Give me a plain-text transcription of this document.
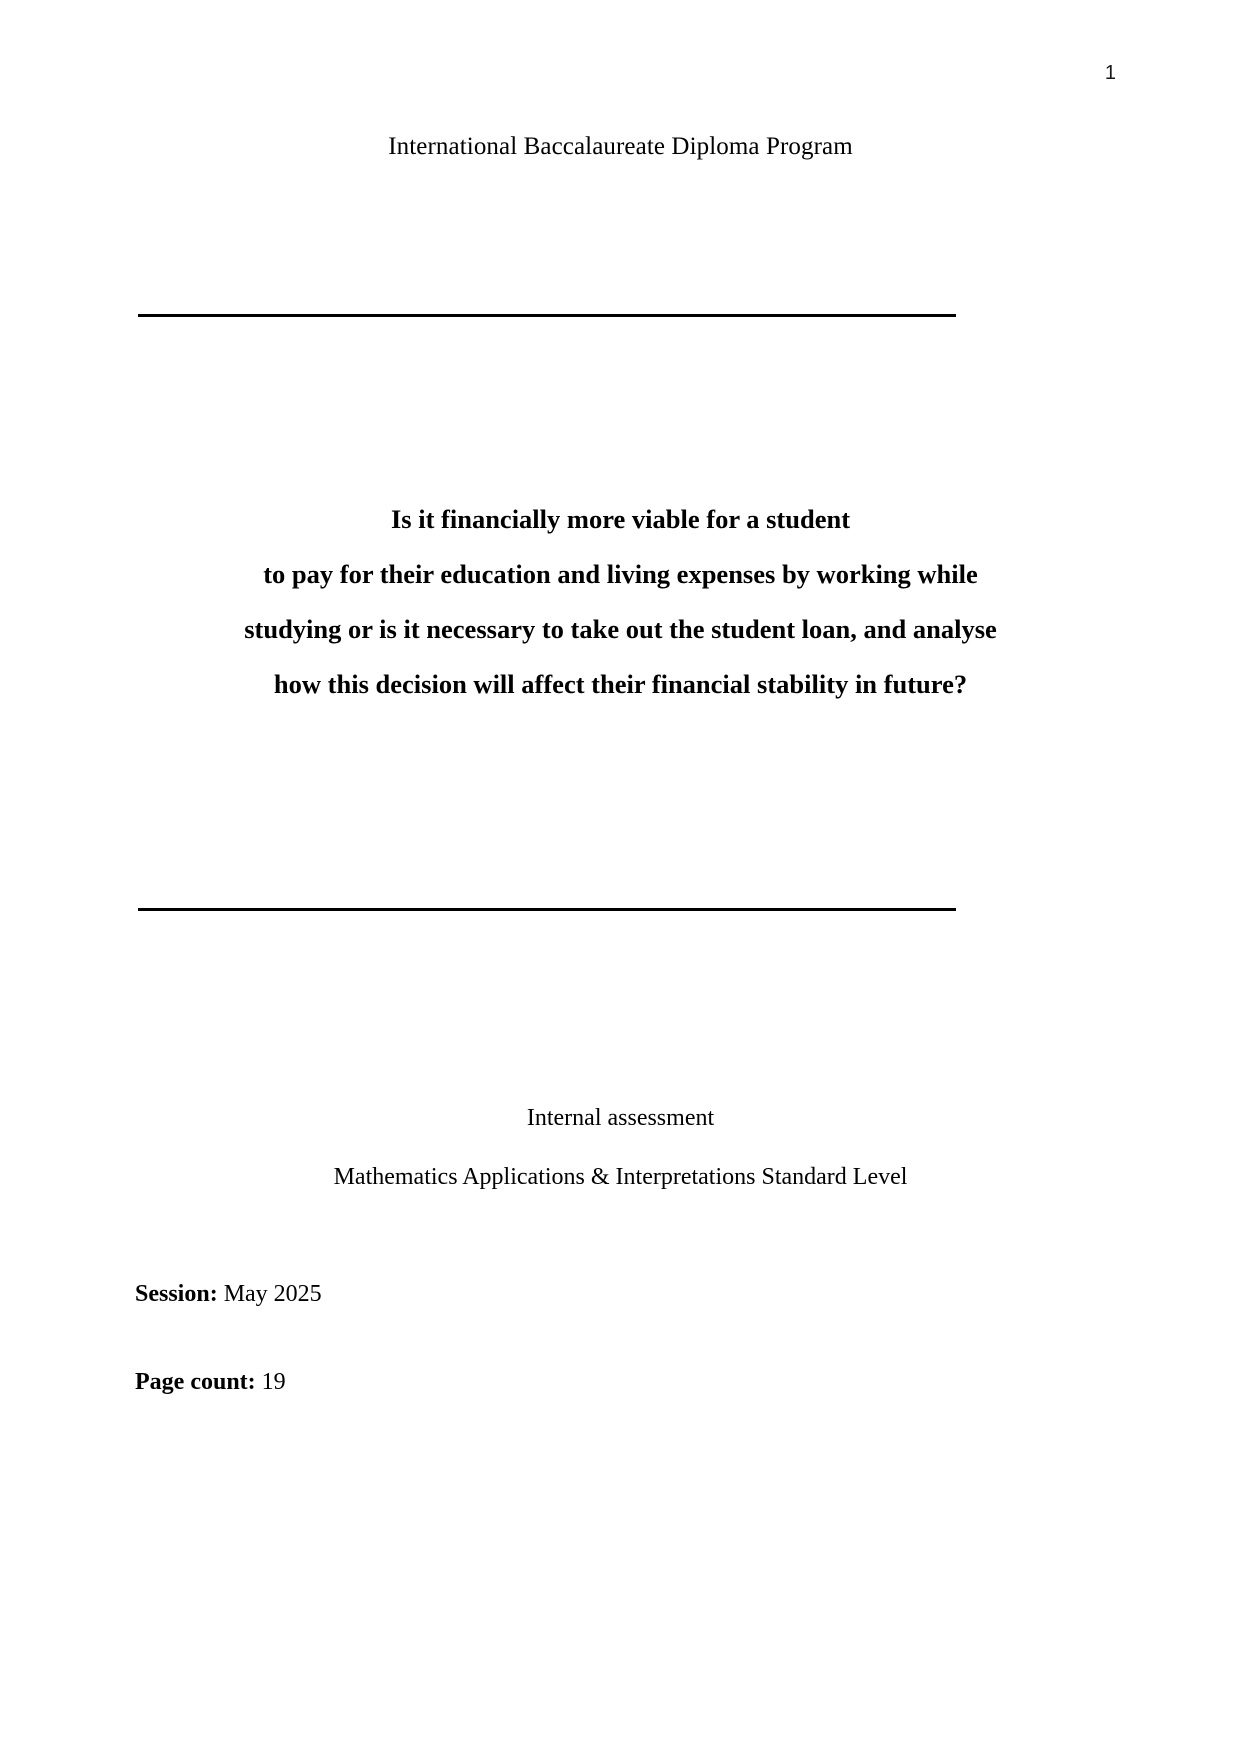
1
International Baccalaureate Diploma Program
Is it financially more viable for a student
to pay for their education and living expenses by working while
studying or is it necessary to take out the student loan, and analyse
how this decision will affect their financial stability in future?
Internal assessment
Mathematics Applications & Interpretations Standard Level
Session: May 2025
Page count: 19
